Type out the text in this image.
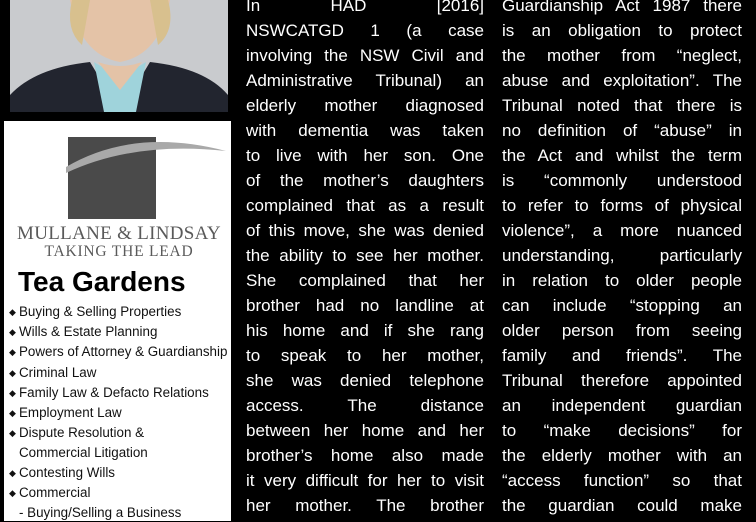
MULLANE & LINDSAY
TAKING THE LEAD
Tea Gardens
◆ Buying & Selling Properties
◆ Wills & Estate Planning
◆ Powers of Attorney & Guardianship
◆ Criminal Law
◆ Family Law & Defacto Relations
◆ Employment Law
◆ Dispute Resolution &
Commercial Litigation
◆ Contesting Wills
◆ Commercial
- Buying/Selling a Business
In HAD [2016]
NSWCATGD 1 (a case
involving the NSW Civil and
Administrative Tribunal) an
elderly mother diagnosed
with dementia was taken
to live with her son. One
of the mother’s daughters
complained that as a result
of this move, she was denied
the ability to see her mother.
She complained that her
brother had no landline at
his home and if she rang
to speak to her mother,
she was denied telephone
access. The distance
between her home and her
brother’s home also made
it very difficult for her to visit
her mother. The brother
Guardianship Act 1987 there
is an obligation to protect
the mother from “neglect,
abuse and exploitation”. The
Tribunal noted that there is
no definition of “abuse” in
the Act and whilst the term
is “commonly understood
to refer to forms of physical
violence”, a more nuanced
understanding, particularly
in relation to older people
can include “stopping an
older person from seeing
family and friends”. The
Tribunal therefore appointed
an independent guardian
to “make decisions” for
the elderly mother with an
“access function” so that
the guardian could make
